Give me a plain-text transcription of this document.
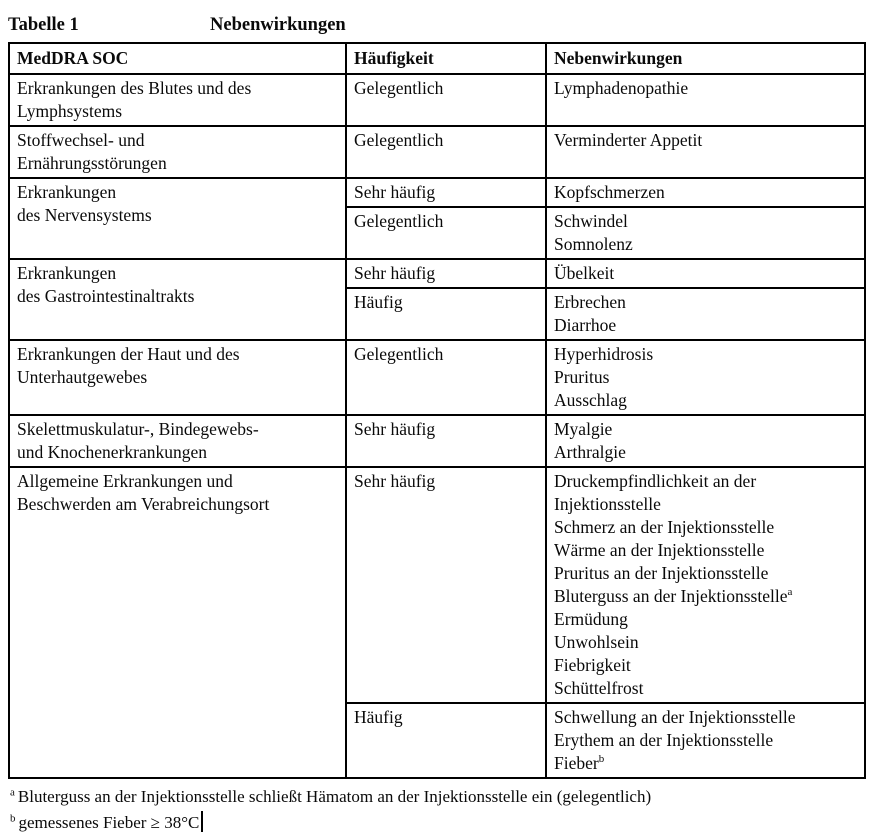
Tabelle 1	Nebenwirkungen
MedDRA SOC	Häufigkeit	Nebenwirkungen

Erkrankungen des Blutes und des
Lymphsystems	Gelegentlich	Lymphadenopathie

Stoffwechsel- und
Ernährungsstörungen	Gelegentlich	Verminderter Appetit

Erkrankungen
des Nervensystems	Sehr häufig	Kopfschmerzen

	Gelegentlich	Schwindel
Somnolenz

Erkrankungen
des Gastrointestinaltrakts	Sehr häufig	Übelkeit

	Häufig	Erbrechen
Diarrhoe

Erkrankungen der Haut und des
Unterhautgewebes
	Gelegentlich	Hyperhidrosis
Pruritus
Ausschlag

Skelettmuskulatur-, Bindegewebs-
und Knochenerkrankungen
	Sehr häufig	Myalgie
Arthralgie

Allgemeine Erkrankungen und
Beschwerden am Verabreichungsort
	Sehr häufig	Druckempfindlichkeit an der Injektionsstelle
Schmerz an der Injektionsstelle
Wärme an der Injektionsstelle
Pruritus an der Injektionsstelle
Bluterguss an der Injektionsstelle$^a$
Ermüdung
Unwohlsein
Fiebrigkeit
Schüttelfrost

	Häufig	Schwellung an der Injektionsstelle
Erythem an der Injektionsstelle
Fieber$^b$
$^a$ Bluterguss an der Injektionsstelle schließt Hämatom an der Injektionsstelle ein (gelegentlich)
$^b$ gemessenes Fieber ≥ 38°C
